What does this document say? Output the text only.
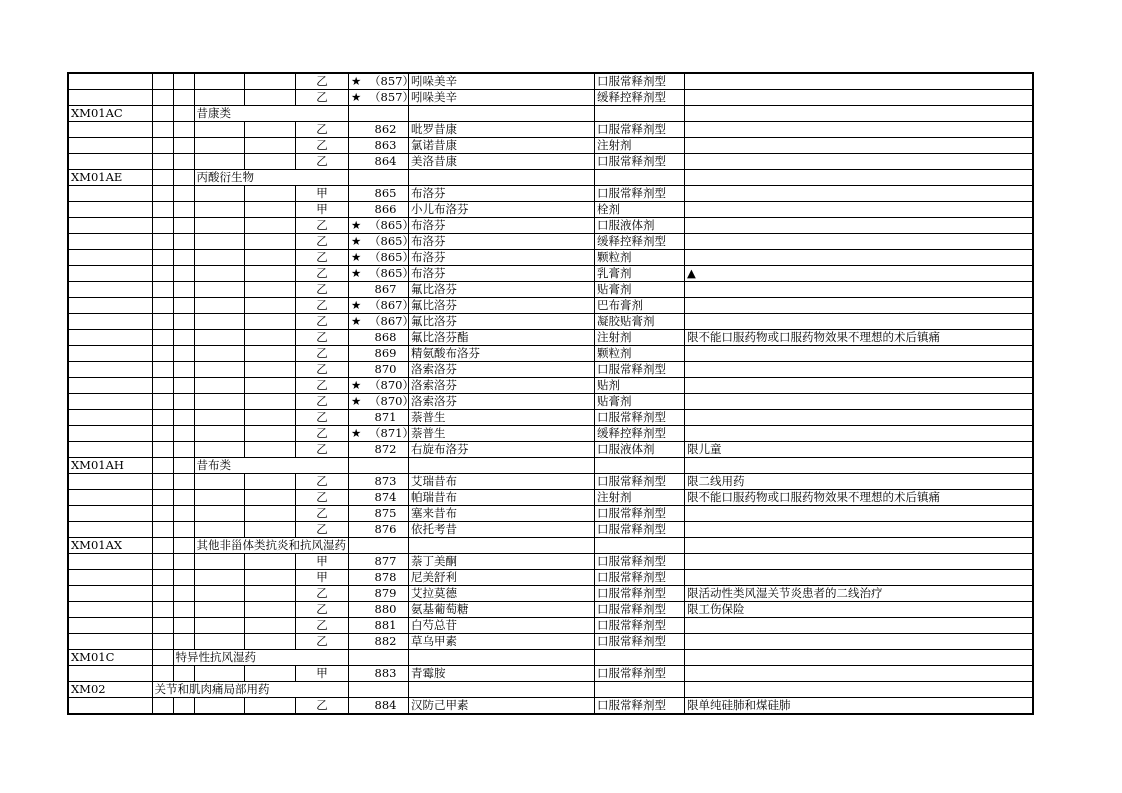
					乙	★ （857）	吲哚美辛	口服常释剂型	
					乙	★ （857）	吲哚美辛	缓释控释剂型	
XM01AC			昔康类			

					乙	862	吡罗昔康	口服常释剂型	
					乙	863	氯诺昔康	注射剂	
					乙	864	美洛昔康	口服常释剂型	
XM01AE			丙酸衍生物			

					甲	865	布洛芬	口服常释剂型	
					甲	866	小儿布洛芬	栓剂	
					乙	★ （865）	布洛芬	口服液体剂	
					乙	★ （865）	布洛芬	缓释控释剂型	
					乙	★ （865）	布洛芬	颗粒剂	
					乙	★ （865）	布洛芬	乳膏剂	▲
					乙	867	氟比洛芬	贴膏剂	
					乙	★ （867）	氟比洛芬	巴布膏剂	
					乙	★ （867）	氟比洛芬	凝胶贴膏剂	
					乙	868	氟比洛芬酯	注射剂	限不能口服药物或口服药物效果不理想的术后镇痛
					乙	869	精氨酸布洛芬	颗粒剂	
					乙	870	洛索洛芬	口服常释剂型	
					乙	★ （870）	洛索洛芬	贴剂	
					乙	★ （870）	洛索洛芬	贴膏剂	
					乙	871	萘普生	口服常释剂型	
					乙	★ （871）	萘普生	缓释控释剂型	
					乙	872	右旋布洛芬	口服液体剂	限儿童
XM01AH			昔布类			

					乙	873	艾瑞昔布	口服常释剂型	限二线用药
					乙	874	帕瑞昔布	注射剂	限不能口服药物或口服药物效果不理想的术后镇痛
					乙	875	塞来昔布	口服常释剂型	
					乙	876	依托考昔	口服常释剂型	
XM01AX			其他非甾体类抗炎和抗风湿药			

					甲	877	萘丁美酮	口服常释剂型	
					甲	878	尼美舒利	口服常释剂型	
					乙	879	艾拉莫德	口服常释剂型	限活动性类风湿关节炎患者的二线治疗
					乙	880	氨基葡萄糖	口服常释剂型	限工伤保险
					乙	881	白芍总苷	口服常释剂型	
					乙	882	草乌甲素	口服常释剂型	
XM01C		特异性抗风湿药				

					甲	883	青霉胺	口服常释剂型	
XM02	关节和肌肉痛局部用药					

					乙	884	汉防己甲素	口服常释剂型	限单纯硅肺和煤硅肺
